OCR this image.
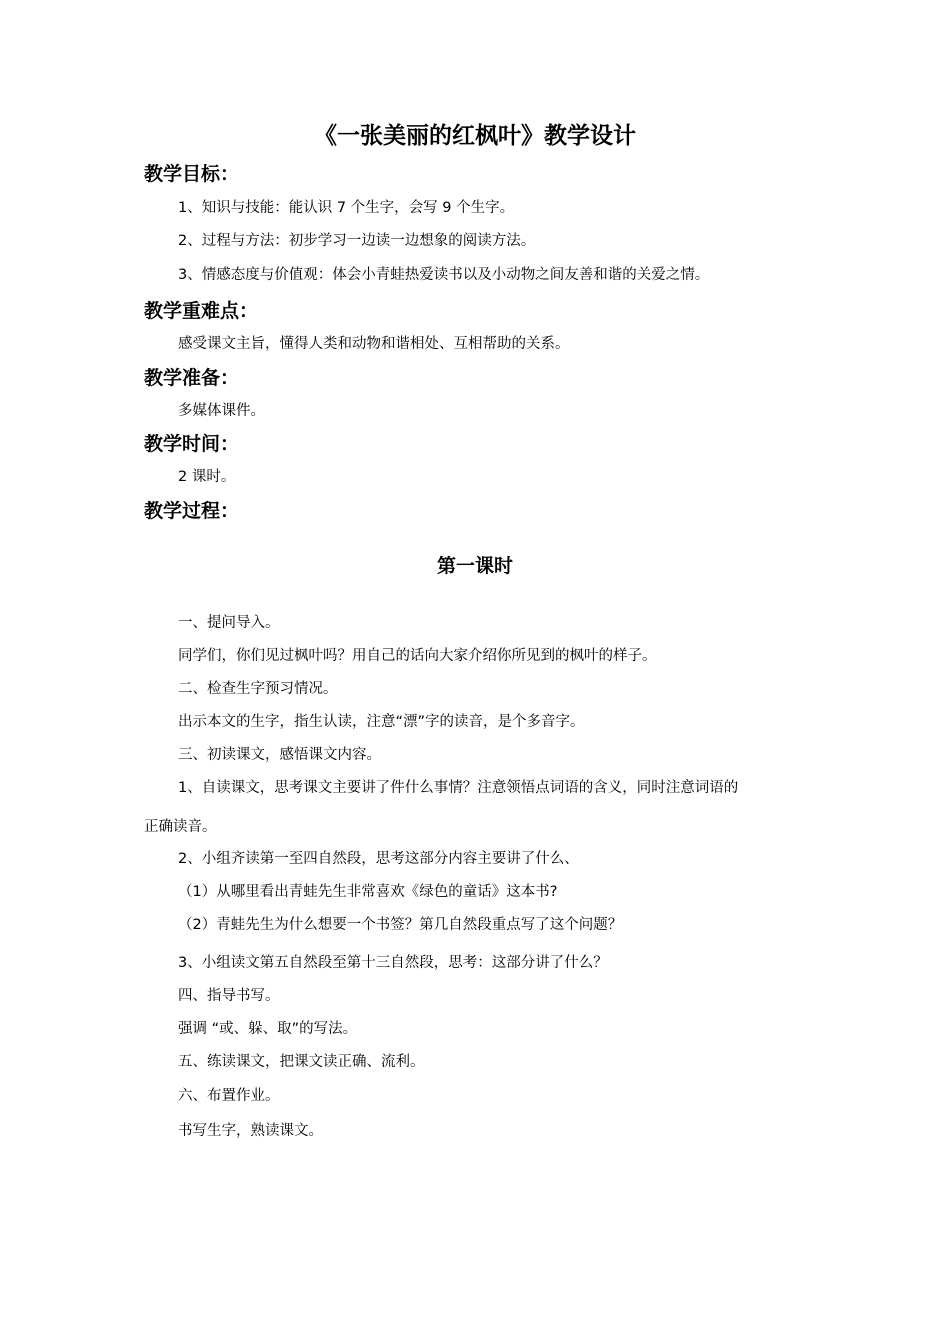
《一张美丽的红枫叶》教学设计
教学目标：
1、知识与技能：能认识 7 个生字，会写 9 个生字。
2、过程与方法：初步学习一边读一边想象的阅读方法。
3、情感态度与价值观：体会小青蛙热爱读书以及小动物之间友善和谐的关爱之情。
教学重难点：
感受课文主旨，懂得人类和动物和谐相处、互相帮助的关系。
教学准备：
多媒体课件。
教学时间：
2 课时。
教学过程：
第一课时
一、提问导入。
同学们，你们见过枫叶吗？用自己的话向大家介绍你所见到的枫叶的样子。
二、检查生字预习情况。
出示本文的生字，指生认读，注意“漂”字的读音，是个多音字。
三、初读课文，感悟课文内容。
1、自读课文，思考课文主要讲了件什么事情？注意领悟点词语的含义，同时注意词语的
正确读音。
2、小组齐读第一至四自然段，思考这部分内容主要讲了什么、
（1）从哪里看出青蛙先生非常喜欢《绿色的童话》这本书?
（2）青蛙先生为什么想要一个书签？第几自然段重点写了这个问题？
3、小组读文第五自然段至第十三自然段，思考：这部分讲了什么？
四、指导书写。
强调 “或、躲、取”的写法。
五、练读课文，把课文读正确、流利。
六、布置作业。
书写生字，熟读课文。
